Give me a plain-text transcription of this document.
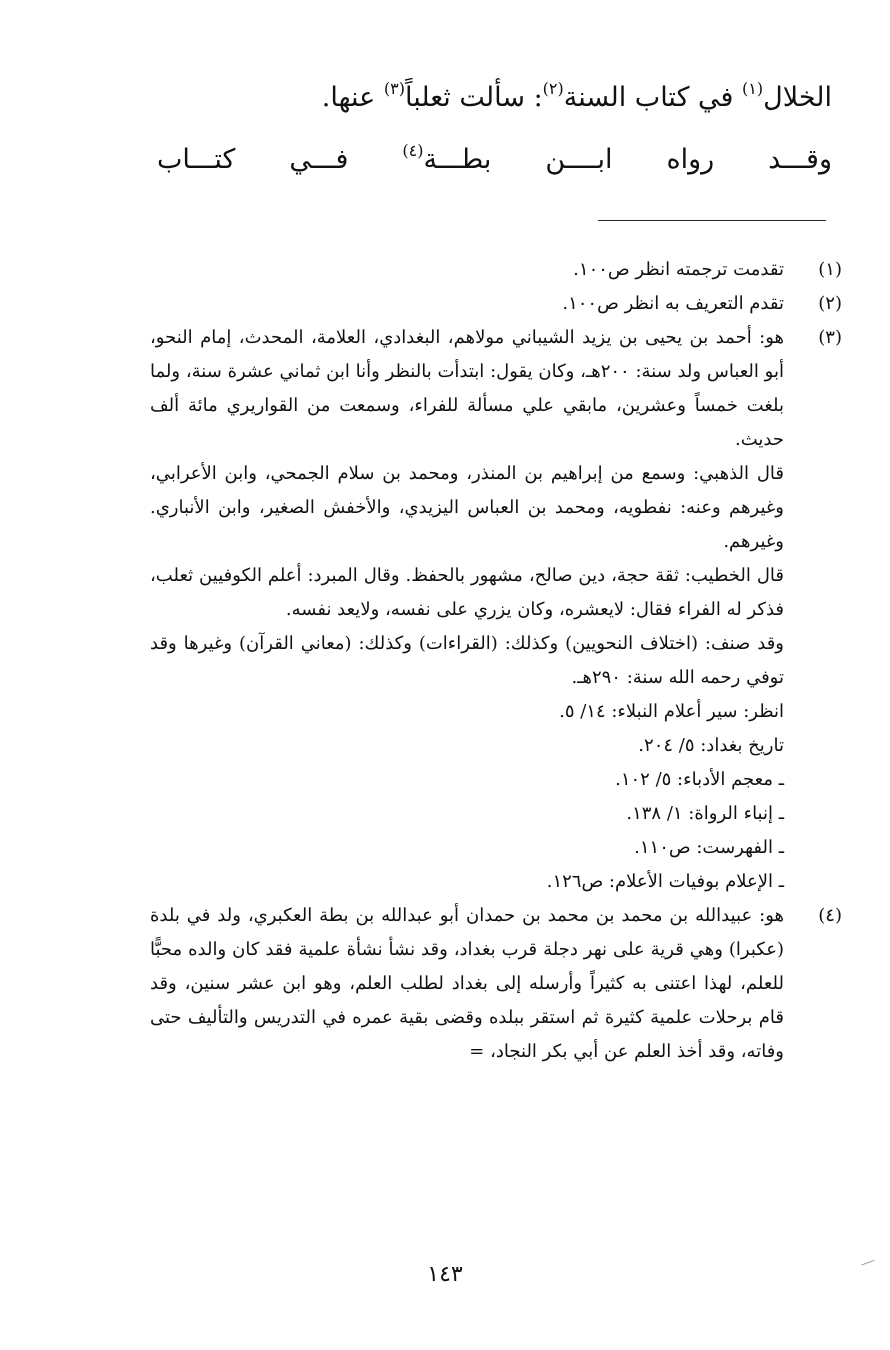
الخلال$^{(١)}$ في كتاب السنة$^{(٢)}$: سألت ثعلباً$^{(٣)}$ عنها.
وقـــد رواه ابــــن بطـــة$^{(٤)}$ فـــي كتـــاب
(١)

تقدمت ترجمته انظر ص١٠٠.

(٢)

تقدم التعريف به انظر ص١٠٠.

(٣)

هو: أحمد بن يحيى بن يزيد الشيباني مولاهم، البغدادي، العلامة، المحدث، إمام النحو، أبو العباس ولد سنة: ٢٠٠هـ، وكان يقول: ابتدأت بالنظر وأنا ابن ثماني عشرة سنة، ولما بلغت خمساً وعشرين، مابقي علي مسألة للفراء، وسمعت من القواريري مائة ألف حديث.

قال الذهبي: وسمع من إبراهيم بن المنذر، ومحمد بن سلام الجمحي، وابن الأعرابي، وغيرهم وعنه: نفطويه، ومحمد بن العباس اليزيدي، والأخفش الصغير، وابن الأنباري. وغيرهم.

قال الخطيب: ثقة حجة، دين صالح، مشهور بالحفظ. وقال المبرد: أعلم الكوفيين ثعلب، فذكر له الفراء فقال: لايعشره، وكان يزري على نفسه، ولايعد نفسه.

وقد صنف: (اختلاف النحويين) وكذلك: (القراءات) وكذلك: (معاني القرآن) وغيرها وقد توفي رحمه الله سنة: ٢٩٠هـ.

انظر: سير أعلام النبلاء: ١٤/ ٥.

تاريخ بغداد: ٥/ ٢٠٤.

ـ معجم الأدباء: ٥/ ١٠٢.

ـ إنباء الرواة: ١/ ١٣٨.

ـ الفهرست: ص١١٠.

ـ الإعلام بوفيات الأعلام: ص١٢٦.

(٤)

هو: عبيدالله بن محمد بن محمد بن حمدان أبو عبدالله بن بطة العكبري، ولد في بلدة (عكبرا) وهي قرية على نهر دجلة قرب بغداد، وقد نشأ نشأة علمية فقد كان والده محبًّا للعلم، لهذا اعتنى به كثيراً وأرسله إلى بغداد لطلب العلم، وهو ابن عشر سنين، وقد قام برحلات علمية كثيرة ثم استقر ببلده وقضى بقية عمره في التدريس والتأليف حتى وفاته، وقد أخذ العلم عن أبي بكر النجاد، =

١٤٣
